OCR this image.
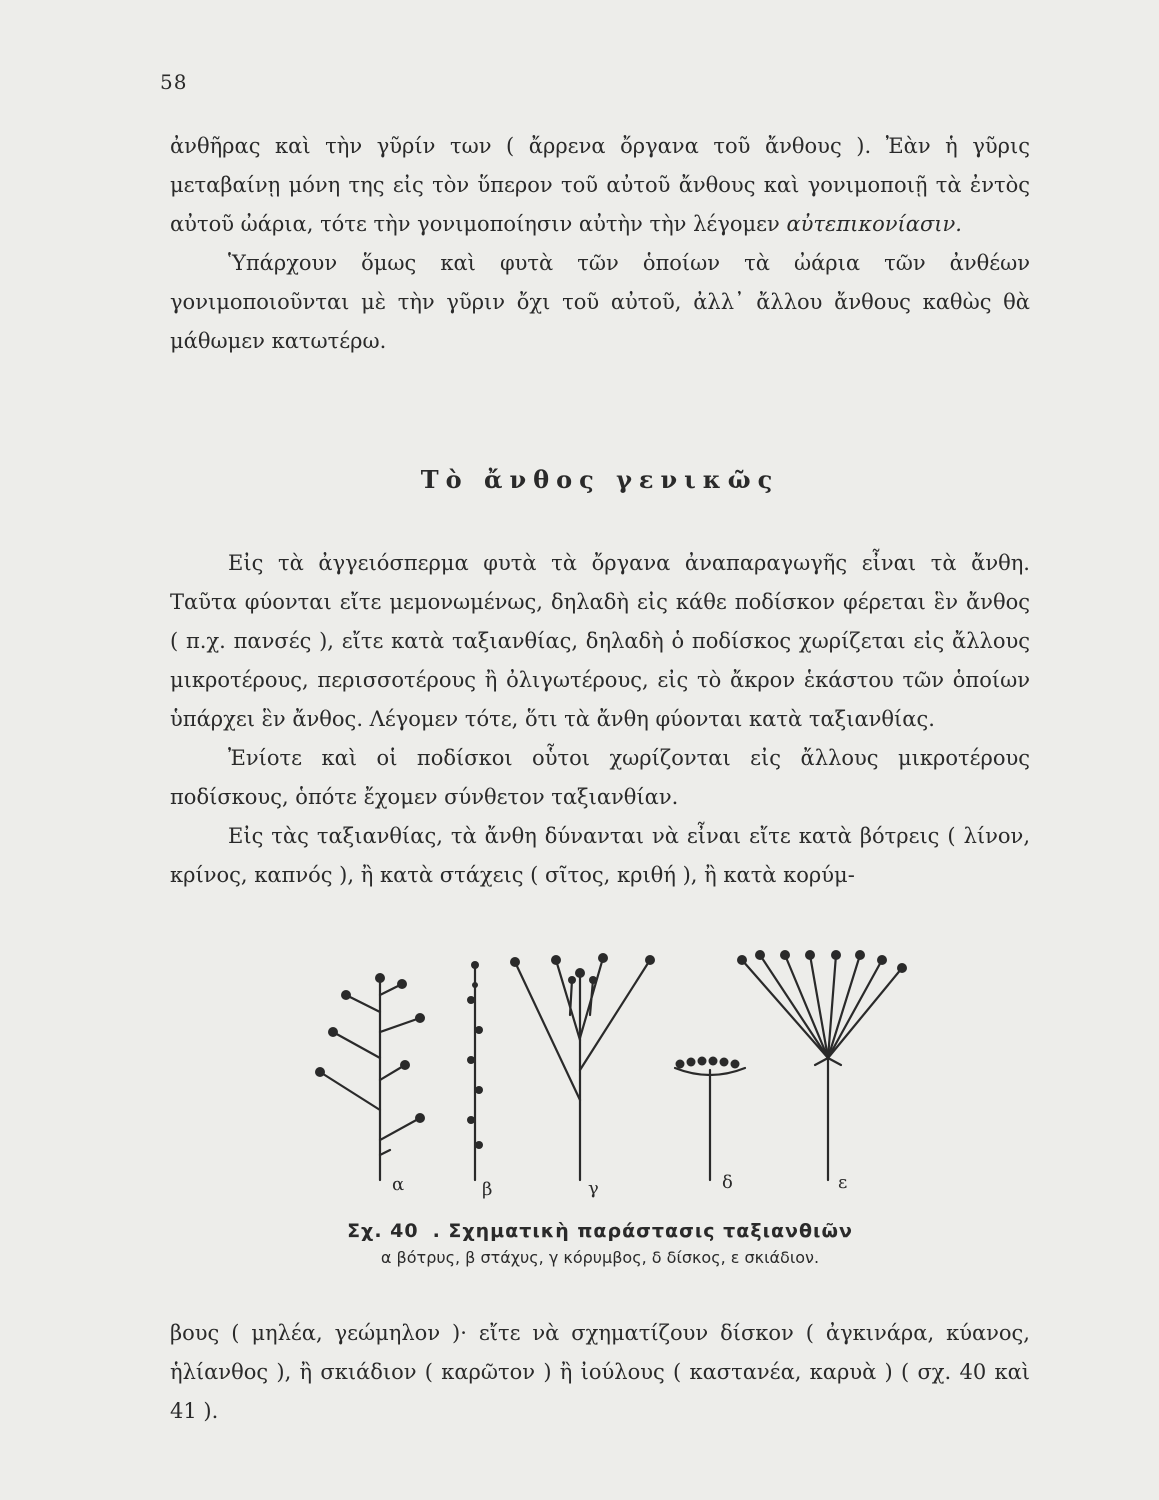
58

ἀνθῆρας καὶ τὴν γῦρίν των ( ἄρρενα ὄργανα τοῦ ἄνθους ). Ἐὰν ἡ γῦρις μεταβαίνῃ μόνη της εἰς τὸν ὕπερον τοῦ αὐτοῦ ἄνθους καὶ γονιμοποιῇ τὰ ἐντὸς αὐτοῦ ὠάρια, τότε τὴν γονιμοποίησιν αὐτὴν τὴν λέγομεν αὐτεπικονίασιν.

Ὑπάρχουν ὅμως καὶ φυτὰ τῶν ὁποίων τὰ ὠάρια τῶν ἀνθέων γονιμοποιοῦνται μὲ τὴν γῦριν ὄχι τοῦ αὐτοῦ, ἀλλ᾽ ἄλλου ἄνθους καθὼς θὰ μάθωμεν κατωτέρω.

Τὸ ἄνθος γενικῶς

Εἰς τὰ ἀγγειόσπερμα φυτὰ τὰ ὄργανα ἀναπαραγωγῆς εἶναι τὰ ἄνθη. Ταῦτα φύονται εἴτε μεμονωμένως, δηλαδὴ εἰς κάθε ποδίσκον φέρεται ἓν ἄνθος ( π.χ. πανσές ), εἴτε κατὰ ταξιανθίας, δηλαδὴ ὁ ποδίσκος χωρίζεται εἰς ἄλλους μικροτέρους, περισσοτέρους ἢ ὀλιγωτέρους, εἰς τὸ ἄκρον ἑκάστου τῶν ὁποίων ὑπάρχει ἓν ἄνθος. Λέγομεν τότε, ὅτι τὰ ἄνθη φύονται κατὰ ταξιανθίας.

Ἐνίοτε καὶ οἱ ποδίσκοι οὗτοι χωρίζονται εἰς ἄλλους μικροτέρους ποδίσκους, ὁπότε ἔχομεν σύνθετον ταξιανθίαν.

Εἰς τὰς ταξιανθίας, τὰ ἄνθη δύνανται νὰ εἶναι εἴτε κατὰ βότρεις ( λίνον, κρίνος, καπνός ), ἢ κατὰ στάχεις ( σῖτος, κριθή ), ἢ κατὰ κορύμ-

α	β	γ	δ	ε
Σχ. 40 . Σχηματικὴ παράστασις ταξιανθιῶν
α βότρυς, β στάχυς, γ κόρυμβος, δ δίσκος, ε σκιάδιον.

βους ( μηλέα, γεώμηλον )· εἴτε νὰ σχηματίζουν δίσκον ( ἀγκινάρα, κύανος, ἡλίανθος ), ἢ σκιάδιον ( καρῶτον ) ἢ ἰούλους ( καστανέα, καρυὰ ) ( σχ. 40 καὶ 41 ).
